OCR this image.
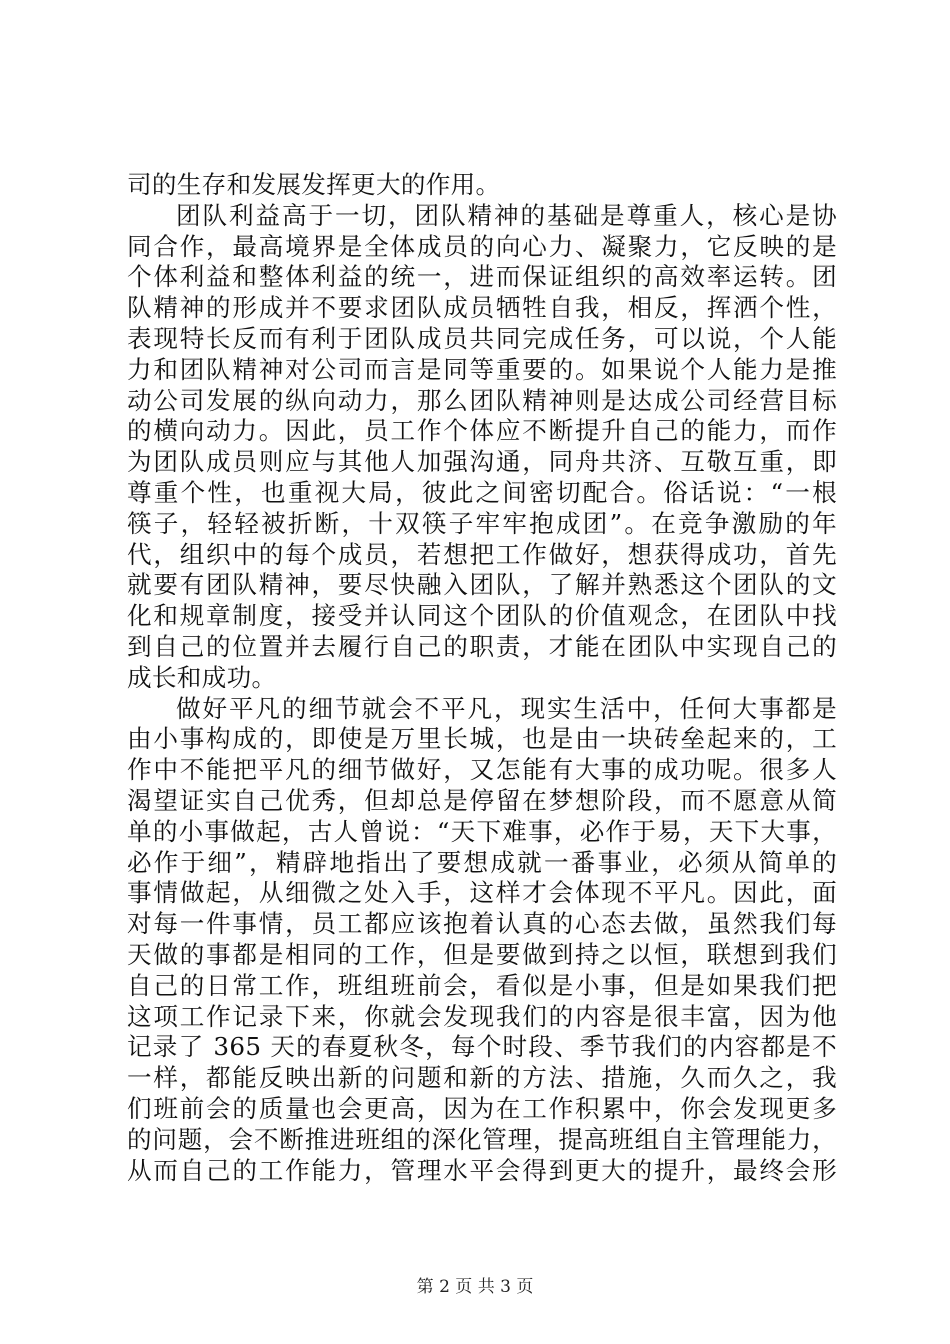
司的生存和发展发挥更大的作用。
团队利益高于一切，团队精神的基础是尊重人，核心是协
同合作，最高境界是全体成员的向心力、凝聚力，它反映的是
个体利益和整体利益的统一，进而保证组织的高效率运转。团
队精神的形成并不要求团队成员牺牲自我，相反，挥洒个性，
表现特长反而有利于团队成员共同完成任务，可以说，个人能
力和团队精神对公司而言是同等重要的。如果说个人能力是推
动公司发展的纵向动力，那么团队精神则是达成公司经营目标
的横向动力。因此，员工作个体应不断提升自己的能力，而作
为团队成员则应与其他人加强沟通，同舟共济、互敬互重，即
尊重个性，也重视大局，彼此之间密切配合。俗话说：“一根
筷子，轻轻被折断，十双筷子牢牢抱成团”。在竞争激励的年
代，组织中的每个成员，若想把工作做好，想获得成功，首先
就要有团队精神，要尽快融入团队，了解并熟悉这个团队的文
化和规章制度，接受并认同这个团队的价值观念，在团队中找
到自己的位置并去履行自己的职责，才能在团队中实现自己的
成长和成功。
做好平凡的细节就会不平凡，现实生活中，任何大事都是
由小事构成的，即使是万里长城，也是由一块砖垒起来的，工
作中不能把平凡的细节做好，又怎能有大事的成功呢。很多人
渴望证实自己优秀，但却总是停留在梦想阶段，而不愿意从简
单的小事做起，古人曾说：“天下难事，必作于易，天下大事，
必作于细”，精辟地指出了要想成就一番事业，必须从简单的
事情做起，从细微之处入手，这样才会体现不平凡。因此，面
对每一件事情，员工都应该抱着认真的心态去做，虽然我们每
天做的事都是相同的工作，但是要做到持之以恒，联想到我们
自己的日常工作，班组班前会，看似是小事，但是如果我们把
这项工作记录下来，你就会发现我们的内容是很丰富，因为他
记录了 365 天的春夏秋冬，每个时段、季节我们的内容都是不
一样，都能反映出新的问题和新的方法、措施，久而久之，我
们班前会的质量也会更高，因为在工作积累中，你会发现更多
的问题，会不断推进班组的深化管理，提高班组自主管理能力，
从而自己的工作能力，管理水平会得到更大的提升，最终会形
第 2 页 共 3 页
